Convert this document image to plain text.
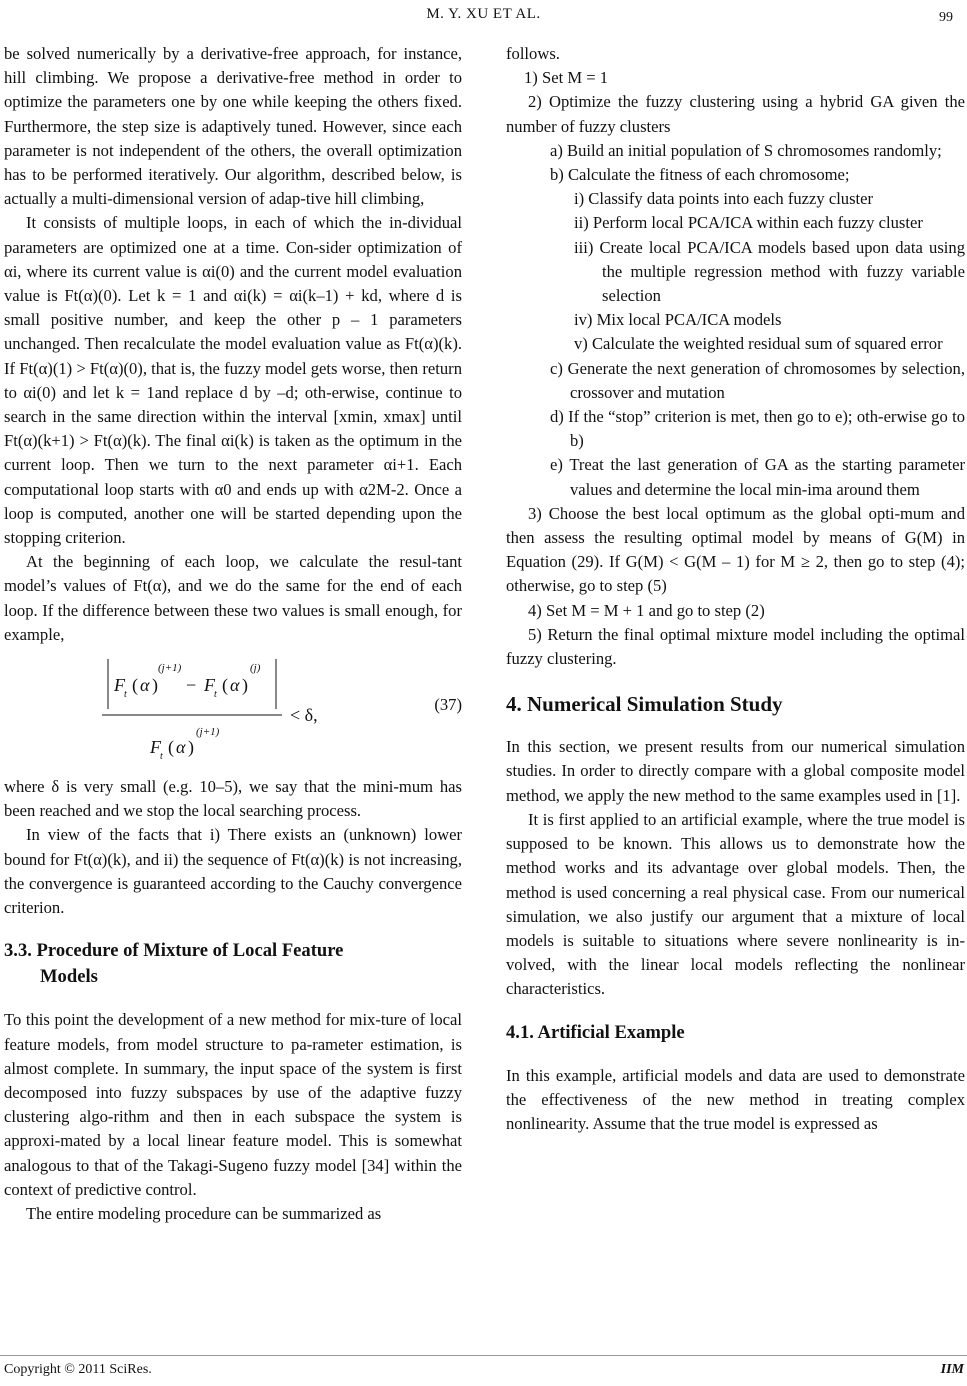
M. Y. XU ET AL.	99

be solved numerically by a derivative-free approach, for instance, hill climbing. We propose a derivative-free method in order to optimize the parameters one by one while keeping the others fixed. Furthermore, the step size is adaptively tuned. However, since each parameter is not independent of the others, the overall optimization has to be performed iteratively. Our algorithm, described below, is actually a multi-dimensional version of adap-tive hill climbing,

It consists of multiple loops, in each of which the in-dividual parameters are optimized one at a time. Con-sider optimization of αi, where its current value is αi(0) and the current model evaluation value is Ft(α)(0). Let k = 1 and αi(k) = αi(k–1) + kd, where d is small positive number, and keep the other p – 1 parameters unchanged. Then recalculate the model evaluation value as Ft(α)(k). If Ft(α)(1) > Ft(α)(0), that is, the fuzzy model gets worse, then return to αi(0) and let k = 1and replace d by –d; oth-erwise, continue to search in the same direction within the interval [xmin, xmax] until Ft(α)(k+1) > Ft(α)(k). The final αi(k) is taken as the optimum in the current loop. Then we turn to the next parameter αi+1. Each computational loop starts with α0 and ends up with α2M-2. Once a loop is computed, another one will be started depending upon the stopping criterion.

At the beginning of each loop, we calculate the resul-tant model’s values of Ft(α), and we do the same for the end of each loop. If the difference between these two values is small enough, for example,

F t ( α )
(j+1)
− F t ( α )
(j)
< δ,
F t ( α )
(j+1)
(37)

where δ is very small (e.g. 10–5), we say that the mini-mum has been reached and we stop the local searching process.

In view of the facts that i) There exists an (unknown) lower bound for Ft(α)(k), and ii) the sequence of Ft(α)(k) is not increasing, the convergence is guaranteed according to the Cauchy convergence criterion.

3.3. Procedure of Mixture of Local Feature
Models

To this point the development of a new method for mix-ture of local feature models, from model structure to pa-rameter estimation, is almost complete. In summary, the input space of the system is first decomposed into fuzzy subspaces by use of the adaptive fuzzy clustering algo-rithm and then in each subspace the system is approxi-mated by a local linear feature model. This is somewhat analogous to that of the Takagi-Sugeno fuzzy model [34] within the context of predictive control.

The entire modeling procedure can be summarized as

follows.

1) Set M = 1

2) Optimize the fuzzy clustering using a hybrid GA given the number of fuzzy clusters

a) Build an initial population of S chromosomes randomly;

b) Calculate the fitness of each chromosome;

i) Classify data points into each fuzzy cluster

ii) Perform local PCA/ICA within each fuzzy cluster

iii) Create local PCA/ICA models based upon data using the multiple regression method with fuzzy variable selection

iv) Mix local PCA/ICA models

v) Calculate the weighted residual sum of squared error

c) Generate the next generation of chromosomes by selection, crossover and mutation

d) If the “stop” criterion is met, then go to e); oth-erwise go to b)

e) Treat the last generation of GA as the starting parameter values and determine the local min-ima around them

3) Choose the best local optimum as the global opti-mum and then assess the resulting optimal model by means of G(M) in Equation (29). If G(M) < G(M – 1) for M ≥ 2, then go to step (4); otherwise, go to step (5)

4) Set M = M + 1 and go to step (2)

5) Return the final optimal mixture model including the optimal fuzzy clustering.

4. Numerical Simulation Study

In this section, we present results from our numerical simulation studies. In order to directly compare with a global composite model method, we apply the new method to the same examples used in [1].

It is first applied to an artificial example, where the true model is supposed to be known. This allows us to demonstrate how the method works and its advantage over global models. Then, the method is used concerning a real physical case. From our numerical simulation, we also justify our argument that a mixture of local models is suitable to situations where severe nonlinearity is in-volved, with the linear local models reflecting the nonlinear characteristics.

4.1. Artificial Example

In this example, artificial models and data are used to demonstrate the effectiveness of the new method in treating complex nonlinearity. Assume that the true model is expressed as

Copyright © 2011 SciRes.	IIM
